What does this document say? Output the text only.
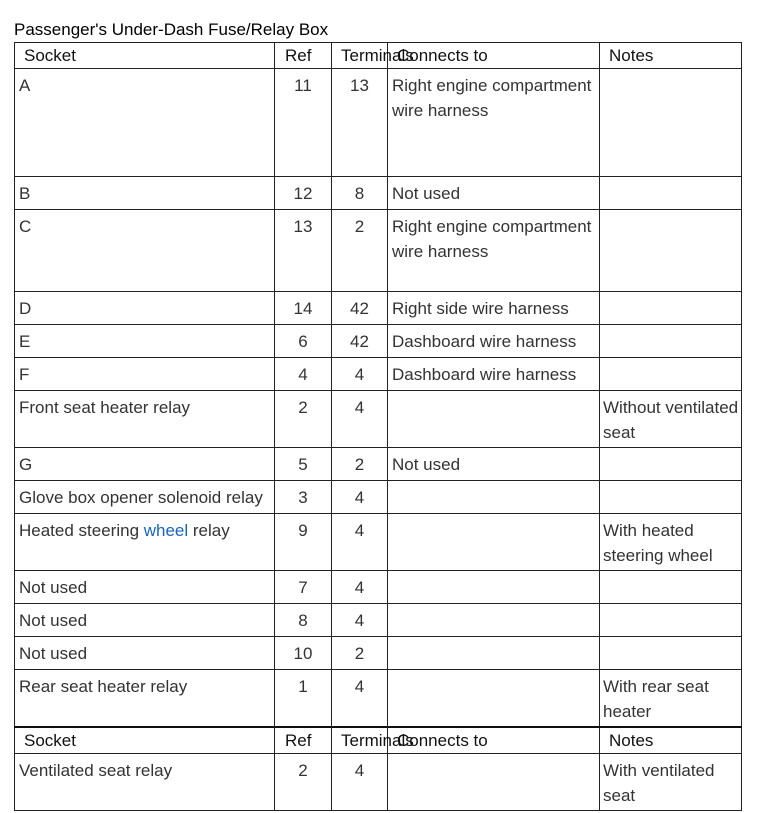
Passenger's Under-Dash Fuse/Relay Box
Socket	Ref	Terminals	Connects to	Notes
A	11	13	Right engine compartment wire harness	
B	12	8	Not used	
C	13	2	Right engine compartment wire harness	
D	14	42	Right side wire harness	
E	6	42	Dashboard wire harness	
F	4	4	Dashboard wire harness	
Front seat heater relay	2	4		Without ventilated seat
G	5	2	Not used	
Glove box opener solenoid relay	3	4		
Heated steering wheel relay	9	4		With heated steering wheel
Not used	7	4		
Not used	8	4		
Not used	10	2		
Rear seat heater relay	1	4		With rear seat heater
Socket	Ref	Terminals	Connects to	Notes
Ventilated seat relay	2	4		With ventilated seat
